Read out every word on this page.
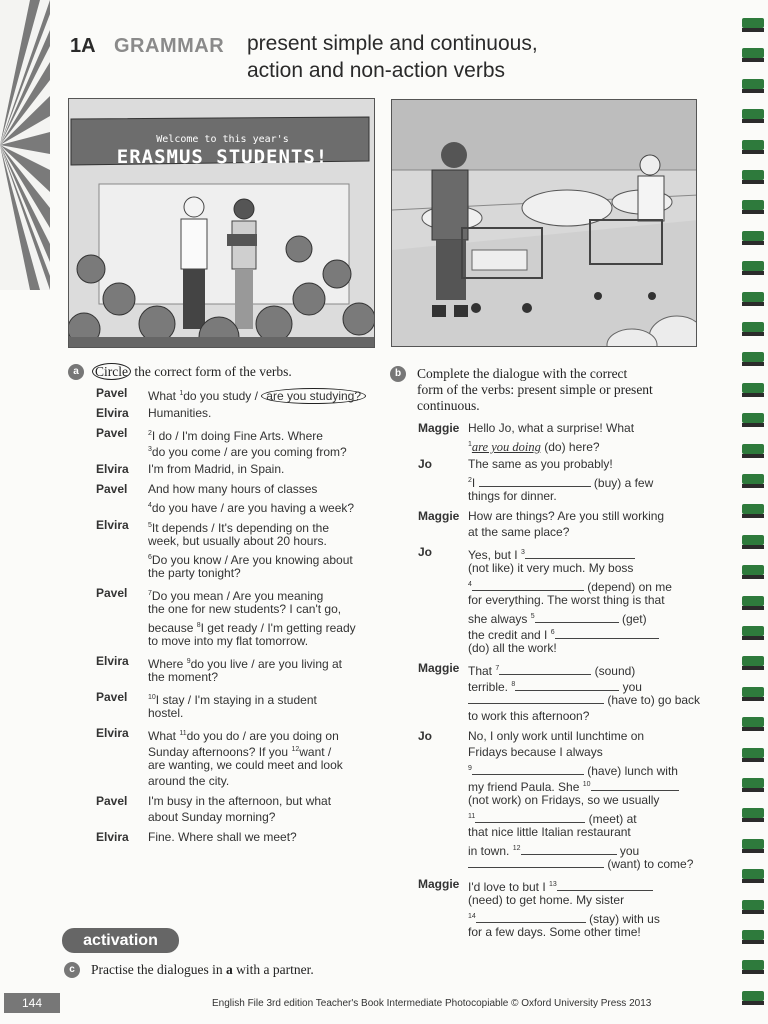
1A GRAMMAR present simple and continuous,
action and non-action verbs
Welcome to this year's
ERASMUS STUDENTS!
a	Circle the correct form of the verbs.
Pavel What $^1$do you study / are you studying?
Elvira Humanities.
Pavel	$^2$I do / I'm doing Fine Arts. Where
$^3$do you come / are you coming from?
Elvira I'm from Madrid, in Spain.
Pavel And how many hours of classes
$^4$do you have / are you having a week?
Elvira	$^5$It depends / It's depending on the
week, but usually about 20 hours.
$^6$Do you know / Are you knowing about
the party tonight?
Pavel	$^7$Do you mean / Are you meaning
the one for new students? I can't go,
because $^8$I get ready / I'm getting ready
to move into my flat tomorrow.
Elvira Where $^9$do you live / are you living at
the moment?
Pavel	$^{10}$I stay / I'm staying in a student
hostel.
Elvira What $^{11}$do you do / are you doing on
Sunday afternoons? If you $^{12}$want /
are wanting, we could meet and look
around the city.
Pavel I'm busy in the afternoon, but what
about Sunday morning?
Elvira Fine. Where shall we meet?
b	Complete the dialogue with the correct
form of the verbs: present simple or present
continuous.
Maggie Hello Jo, what a surprise! What
$^1$are you doing (do) here?
Jo	The same as you probably!
$^2$I	(buy) a few
things for dinner.
Maggie How are things? Are you still working
at the same place?
Jo	Yes, but I $^3$
(not like) it very much. My boss
$^4$	(depend) on me
for everything. The worst thing is that
she always $^5$	(get)
the credit and I $^6$
(do) all the work!
Maggie That $^7$	(sound)
terrible. $^8$	you
(have to) go back
to work this afternoon?
Jo	No, I only work until lunchtime on
Fridays because I always
$^9$	(have) lunch with
my friend Paula. She $^{10}$
(not work) on Fridays, so we usually
$^{11}$	(meet) at
that nice little Italian restaurant
in town. $^{12}$	you
(want) to come?
Maggie I'd love to but I $^{13}$
(need) to get home. My sister
$^{14}$	(stay) with us
for a few days. Some other time!
activation
c	Practise the dialogues in a with a partner.
144	English File 3rd edition Teacher's Book Intermediate Photocopiable © Oxford University Press 2013
